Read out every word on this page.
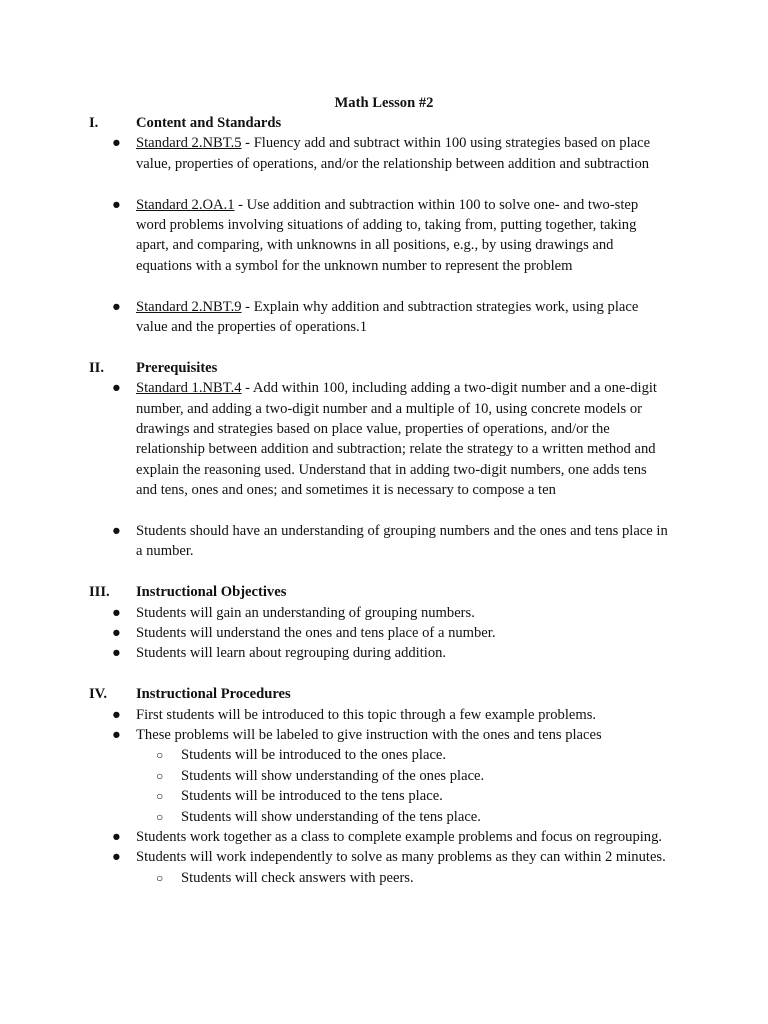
Math Lesson #2
I.	Content and Standards
● Standard 2.NBT.5 - Fluency add and subtract within 100 using strategies based on place value, properties of operations, and/or the relationship between addition and subtraction
● Standard 2.OA.1 - Use addition and subtraction within 100 to solve one- and two-step word problems involving situations of adding to, taking from, putting together, taking apart, and comparing, with unknowns in all positions, e.g., by using drawings and equations with a symbol for the unknown number to represent the problem
● Standard 2.NBT.9 - Explain why addition and subtraction strategies work, using place value and the properties of operations.1
II. Prerequisites
● Standard 1.NBT.4 - Add within 100, including adding a two-digit number and a one-digit number, and adding a two-digit number and a multiple of 10, using concrete models or drawings and strategies based on place value, properties of operations, and/or the relationship between addition and subtraction; relate the strategy to a written method and explain the reasoning used. Understand that in adding two-digit numbers, one adds tens and tens, ones and ones; and sometimes it is necessary to compose a ten
● Students should have an understanding of grouping numbers and the ones and tens place in a number.
III. Instructional Objectives
● Students will gain an understanding of grouping numbers.
● Students will understand the ones and tens place of a number.
● Students will learn about regrouping during addition.
IV. Instructional Procedures
● First students will be introduced to this topic through a few example problems.
● These problems will be labeled to give instruction with the ones and tens places
○ Students will be introduced to the ones place.
○ Students will show understanding of the ones place.
○ Students will be introduced to the tens place.
○ Students will show understanding of the tens place.
● Students work together as a class to complete example problems and focus on regrouping.
● Students will work independently to solve as many problems as they can within 2 minutes.
○ Students will check answers with peers.
